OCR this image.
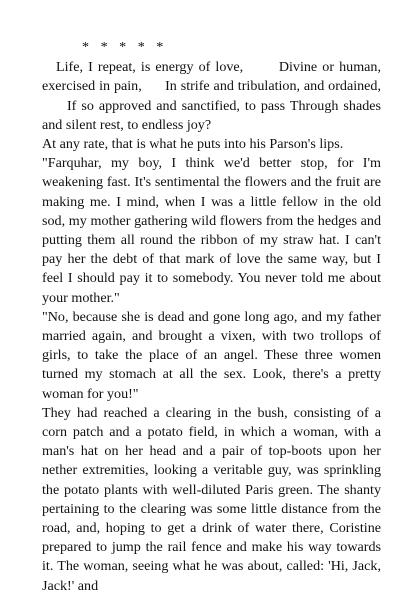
* * * * *

Life, I repeat, is energy of love,       Divine or human, exercised in pain,      In strife and tribulation, and ordained,      If so approved and sanctified, to pass Through shades and silent rest, to endless joy?

At any rate, that is what he puts into his Parson's lips.

"Farquhar, my boy, I think we'd better stop, for I'm weakening fast. It's sentimental the flowers and the fruit are making me. I mind, when I was a little fellow in the old sod, my mother gathering wild flowers from the hedges and putting them all round the ribbon of my straw hat. I can't pay her the debt of that mark of love the same way, but I feel I should pay it to somebody. You never told me about your mother."

"No, because she is dead and gone long ago, and my father married again, and brought a vixen, with two trollops of girls, to take the place of an angel. These three women turned my stomach at all the sex. Look, there's a pretty woman for you!"

They had reached a clearing in the bush, consisting of a corn patch and a potato field, in which a woman, with a man's hat on her head and a pair of top-boots upon her nether extremities, looking a veritable guy, was sprinkling the potato plants with well-diluted Paris green. The shanty pertaining to the clearing was some little distance from the road, and, hoping to get a drink of water there, Coristine prepared to jump the rail fence and make his way towards it. The woman, seeing what he was about, called: 'Hi, Jack, Jack!' and
